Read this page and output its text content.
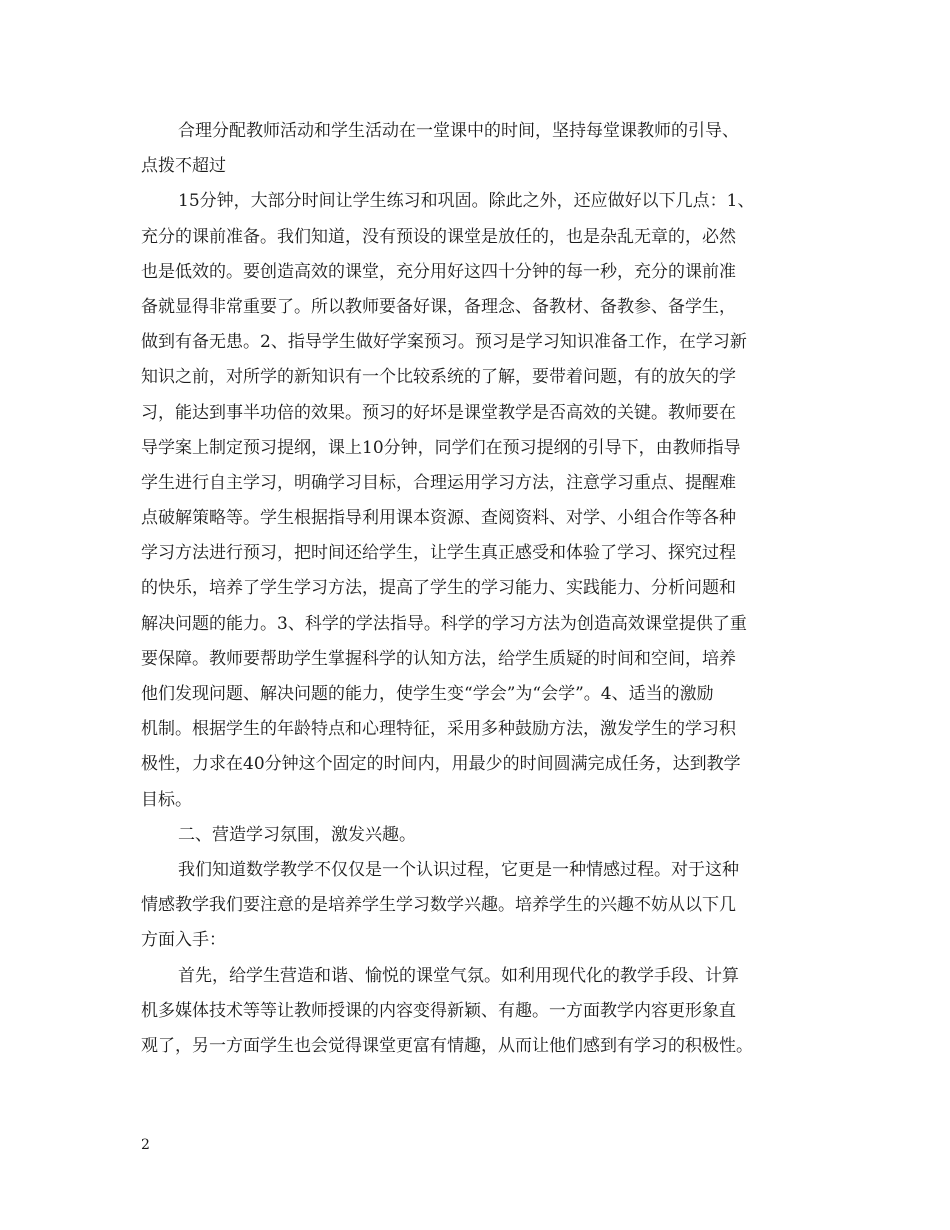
合理分配教师活动和学生活动在一堂课中的时间，坚持每堂课教师的引导、
点拨不超过
15分钟，大部分时间让学生练习和巩固。除此之外，还应做好以下几点：1、
充分的课前准备。我们知道，没有预设的课堂是放任的，也是杂乱无章的，必然
也是低效的。要创造高效的课堂，充分用好这四十分钟的每一秒，充分的课前准
备就显得非常重要了。所以教师要备好课，备理念、备教材、备教参、备学生，
做到有备无患。2、指导学生做好学案预习。预习是学习知识准备工作，在学习新
知识之前，对所学的新知识有一个比较系统的了解，要带着问题，有的放矢的学
习，能达到事半功倍的效果。预习的好坏是课堂教学是否高效的关键。教师要在
导学案上制定预习提纲，课上10分钟，同学们在预习提纲的引导下，由教师指导
学生进行自主学习，明确学习目标，合理运用学习方法，注意学习重点、提醒难
点破解策略等。学生根据指导利用课本资源、查阅资料、对学、小组合作等各种
学习方法进行预习，把时间还给学生，让学生真正感受和体验了学习、探究过程
的快乐，培养了学生学习方法，提高了学生的学习能力、实践能力、分析问题和
解决问题的能力。3、科学的学法指导。科学的学习方法为创造高效课堂提供了重
要保障。教师要帮助学生掌握科学的认知方法，给学生质疑的时间和空间，培养
他们发现问题、解决问题的能力，使学生变“学会”为“会学”。4、适当的激励
机制。根据学生的年龄特点和心理特征，采用多种鼓励方法，激发学生的学习积
极性，力求在40分钟这个固定的时间内，用最少的时间圆满完成任务，达到教学
目标。
二、营造学习氛围，激发兴趣。
我们知道数学教学不仅仅是一个认识过程，它更是一种情感过程。对于这种
情感教学我们要注意的是培养学生学习数学兴趣。培养学生的兴趣不妨从以下几
方面入手：
首先，给学生营造和谐、愉悦的课堂气氛。如利用现代化的教学手段、计算
机多媒体技术等等让教师授课的内容变得新颖、有趣。一方面教学内容更形象直
观了，另一方面学生也会觉得课堂更富有情趣，从而让他们感到有学习的积极性。
2
